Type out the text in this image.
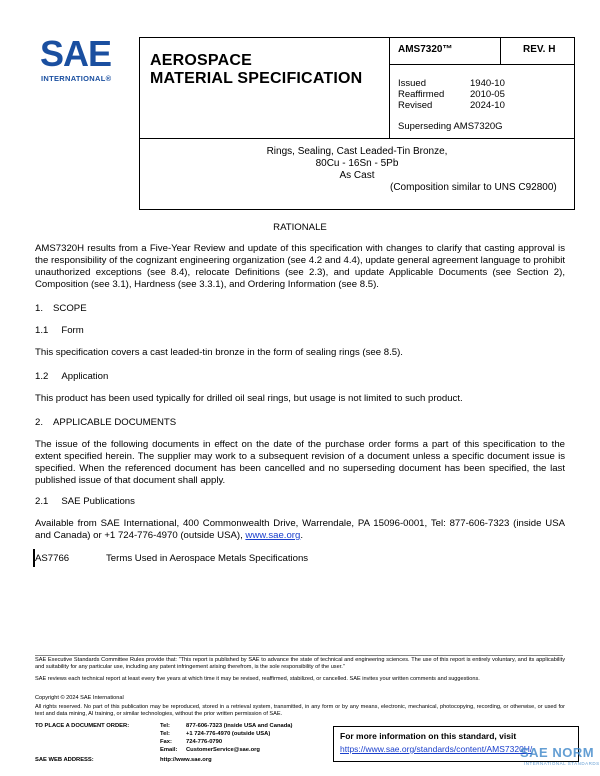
SAE
INTERNATIONAL®
AEROSPACE
MATERIAL SPECIFICATION
AMS7320™	REV. H
Issued	1940-10
Reaffirmed	2010-05
Revised	2024-10
Superseding AMS7320G
Rings, Sealing, Cast Leaded-Tin Bronze,
80Cu - 16Sn - 5Pb
As Cast
(Composition similar to UNS C92800)
RATIONALE
AMS7320H results from a Five-Year Review and update of this specification with changes to clarify that casting approval is the responsibility of the cognizant engineering organization (see 4.2 and 4.4), update general agreement language to prohibit unauthorized exceptions (see 8.4), relocate Definitions (see 2.3), and update Applicable Documents (see Section 2), Composition (see 3.1), Hardness (see 3.3.1), and Ordering Information (see 8.5).
1. SCOPE
1.1 Form
This specification covers a cast leaded-tin bronze in the form of sealing rings (see 8.5).
1.2 Application
This product has been used typically for drilled oil seal rings, but usage is not limited to such product.
2. APPLICABLE DOCUMENTS
The issue of the following documents in effect on the date of the purchase order forms a part of this specification to the extent specified herein. The supplier may work to a subsequent revision of a document unless a specific document issue is specified. When the referenced document has been cancelled and no superseding document has been specified, the last published issue of that document shall apply.
2.1 SAE Publications
Available from SAE International, 400 Commonwealth Drive, Warrendale, PA 15096-0001, Tel: 877-606-7323 (inside USA and Canada) or +1 724-776-4970 (outside USA), www.sae.org.
AS7766	Terms Used in Aerospace Metals Specifications
SAE Executive Standards Committee Rules provide that: “This report is published by SAE to advance the state of technical and engineering sciences. The use of this report is entirely voluntary, and its applicability and suitability for any particular use, including any patent infringement arising therefrom, is the sole responsibility of the user.”
SAE reviews each technical report at least every five years at which time it may be revised, reaffirmed, stabilized, or cancelled. SAE invites your written comments and suggestions.
Copyright © 2024 SAE International
All rights reserved. No part of this publication may be reproduced, stored in a retrieval system, transmitted, in any form or by any means, electronic, mechanical, photocopying, recording, or otherwise, or used for text and data mining, AI training, or similar technologies, without the prior written permission of SAE.
TO PLACE A DOCUMENT ORDER:	Tel:	877-606-7323 (inside USA and Canada)
Tel:	+1 724-776-4970 (outside USA)
Fax: 724-776-0790
Email: CustomerService@sae.org
SAE WEB ADDRESS:	http://www.sae.org
For more information on this standard, visit
https://www.sae.org/standards/content/AMS7320H/
SAE NORM
INTERNATIONAL STANDARDS
